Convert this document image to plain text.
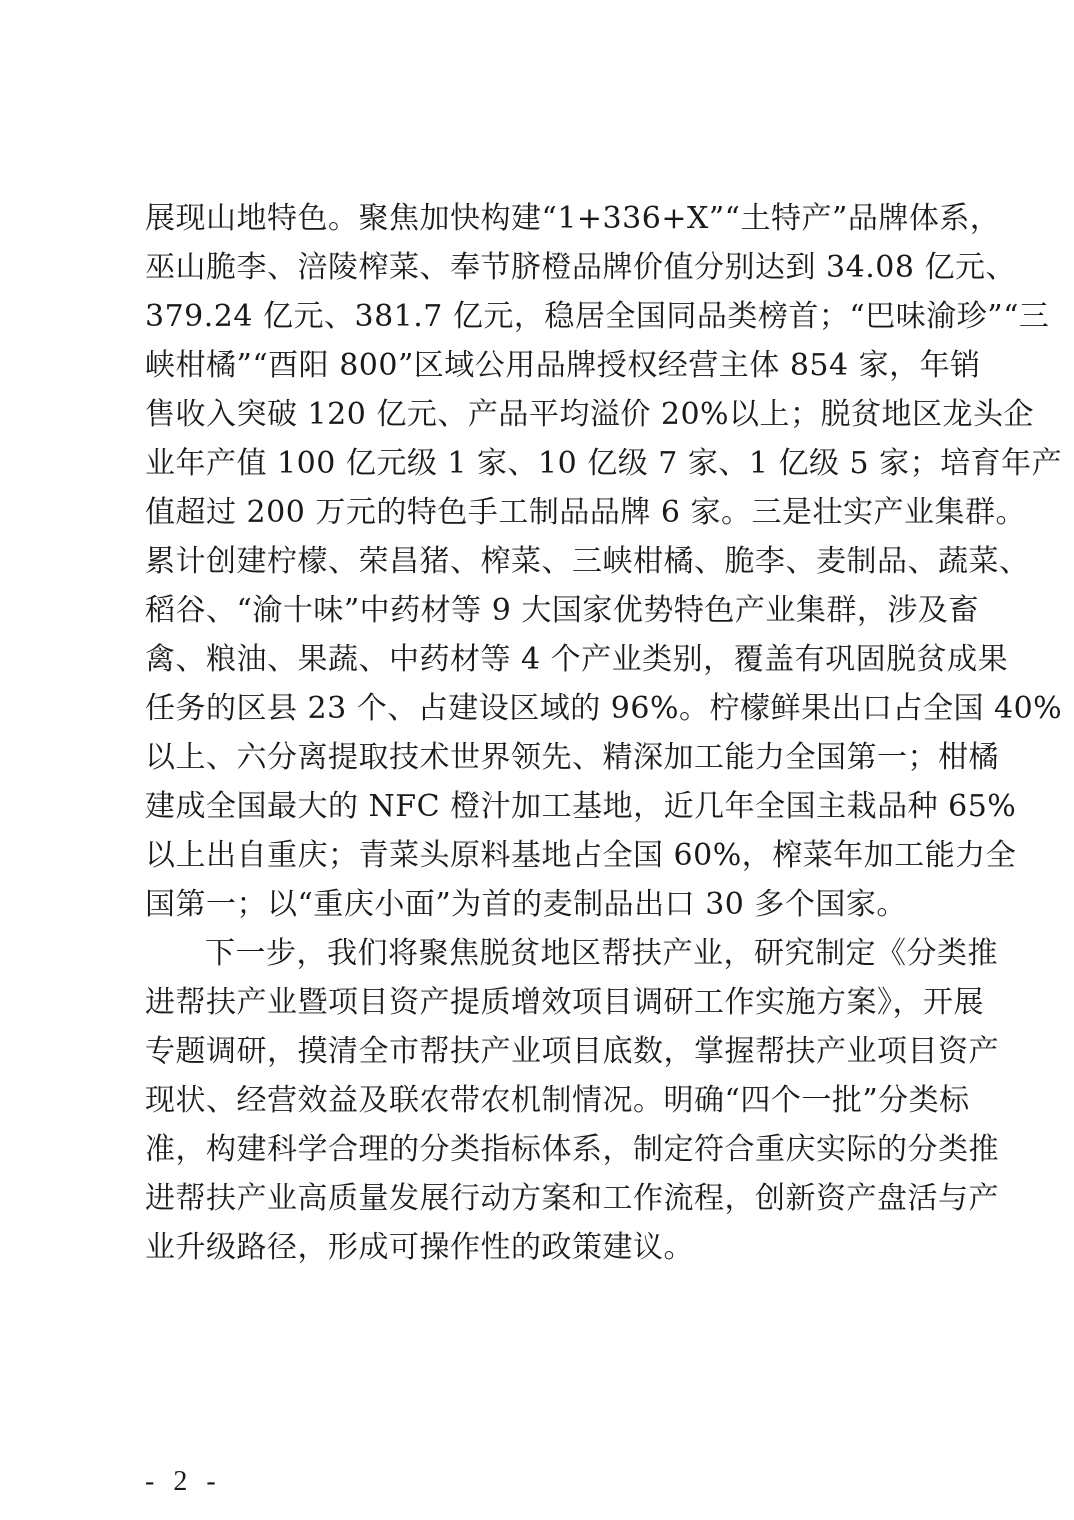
展现山地特色。聚焦加快构建“1+336+X”“土特产”品牌体系，
巫山脆李、涪陵榨菜、奉节脐橙品牌价值分别达到 34.08 亿元、
379.24 亿元、381.7 亿元，稳居全国同品类榜首；“巴味渝珍”“三
峡柑橘”“酉阳 800”区域公用品牌授权经营主体 854 家，年销
售收入突破 120 亿元、产品平均溢价 20%以上；脱贫地区龙头企
业年产值 100 亿元级 1 家、10 亿级 7 家、1 亿级 5 家；培育年产
值超过 200 万元的特色手工制品品牌 6 家。三是壮实产业集群。
累计创建柠檬、荣昌猪、榨菜、三峡柑橘、脆李、麦制品、蔬菜、
稻谷、“渝十味”中药材等 9 大国家优势特色产业集群，涉及畜
禽、粮油、果蔬、中药材等 4 个产业类别，覆盖有巩固脱贫成果
任务的区县 23 个、占建设区域的 96%。柠檬鲜果出口占全国 40%
以上、六分离提取技术世界领先、精深加工能力全国第一；柑橘
建成全国最大的 NFC 橙汁加工基地，近几年全国主栽品种 65%
以上出自重庆；青菜头原料基地占全国 60%，榨菜年加工能力全
国第一；以“重庆小面”为首的麦制品出口 30 多个国家。
下一步，我们将聚焦脱贫地区帮扶产业，研究制定《分类推
进帮扶产业暨项目资产提质增效项目调研工作实施方案》，开展
专题调研，摸清全市帮扶产业项目底数，掌握帮扶产业项目资产
现状、经营效益及联农带农机制情况。明确“四个一批”分类标
准，构建科学合理的分类指标体系，制定符合重庆实际的分类推
进帮扶产业高质量发展行动方案和工作流程，创新资产盘活与产
业升级路径，形成可操作性的政策建议。
- 2 -
